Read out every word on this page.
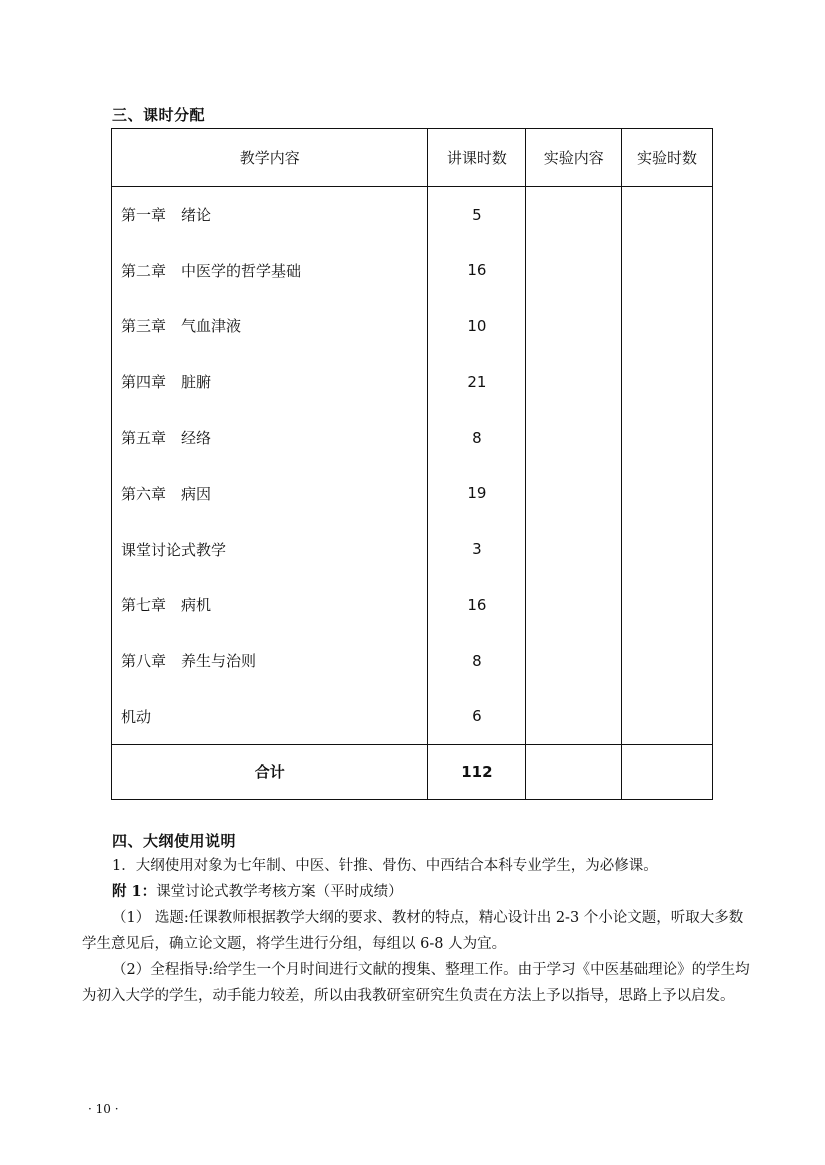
三、课时分配
教学内容	讲课时数	实验内容	实验时数
第一章　绪论	5		
第二章　中医学的哲学基础	16		
第三章　气血津液	10		
第四章　脏腑	21		
第五章　经络	8		
第六章　病因	19		
课堂讨论式教学	3		
第七章　病机	16		
第八章　养生与治则	8		
机动	6		
合计	112		
四、大纲使用说明
1．大纲使用对象为七年制、中医、针推、骨伤、中西结合本科专业学生，为必修课。
附 1：课堂讨论式教学考核方案（平时成绩）
（1） 选题:任课教师根据教学大纲的要求、教材的特点，精心设计出 2-3 个小论文题，听取大多数学生意见后，确立论文题，将学生进行分组，每组以 6-8 人为宜。
（2）全程指导:给学生一个月时间进行文献的搜集、整理工作。由于学习《中医基础理论》的学生均为初入大学的学生，动手能力较差，所以由我教研室研究生负责在方法上予以指导，思路上予以启发。
· 10 ·
